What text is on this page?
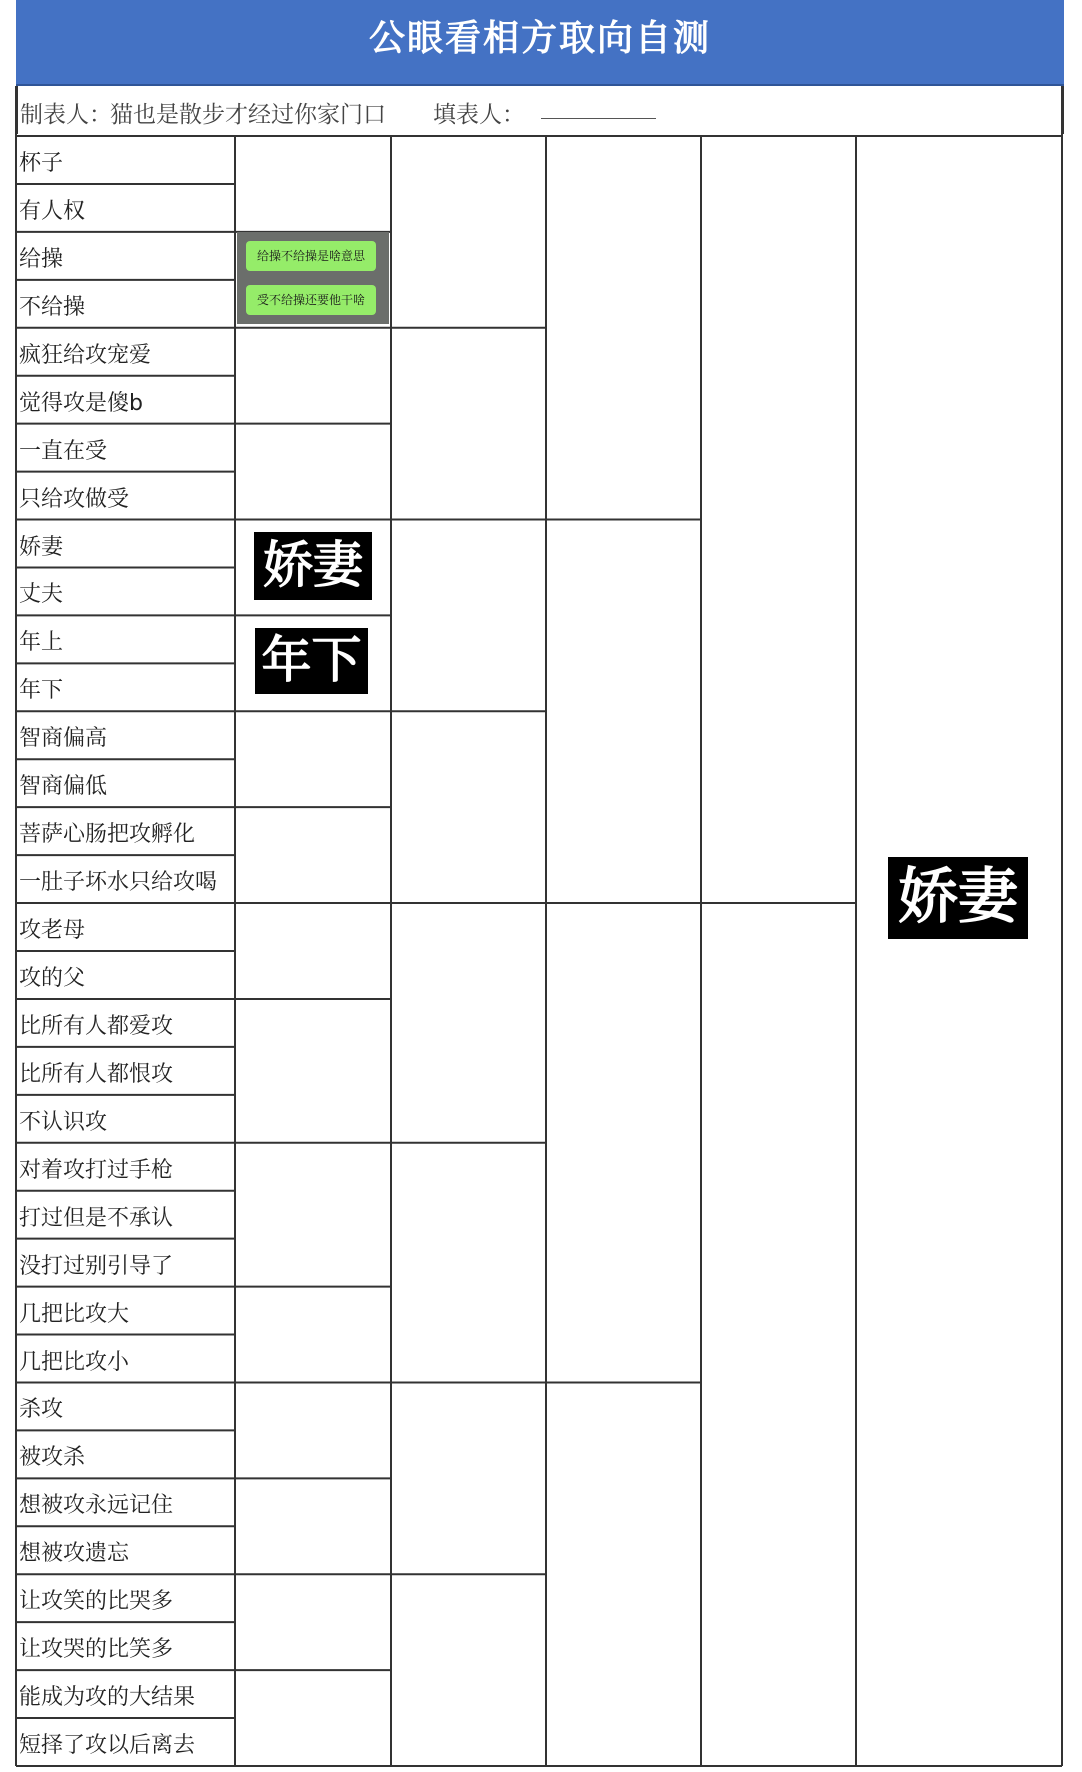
公眼看相方取向自测
制表人：
猫也是散步才经过你家门口 填表人：
杯子
有人权
给操
不给操
疯狂给攻宠爱
觉得攻是傻b
一直在受
只给攻做受
娇妻
丈夫
年上
年下
智商偏高
智商偏低
菩萨心肠把攻孵化
一肚子坏水只给攻喝
攻老母
攻的父
比所有人都爱攻
比所有人都恨攻
不认识攻
对着攻打过手枪
打过但是不承认
没打过别引导了
几把比攻大
几把比攻小
杀攻
被攻杀
想被攻永远记住
想被攻遗忘
让攻笑的比哭多
让攻哭的比笑多
能成为攻的大结果
短择了攻以后离去
给操不给操是啥意思
受不给操还要他干啥
娇妻
年下
娇妻
